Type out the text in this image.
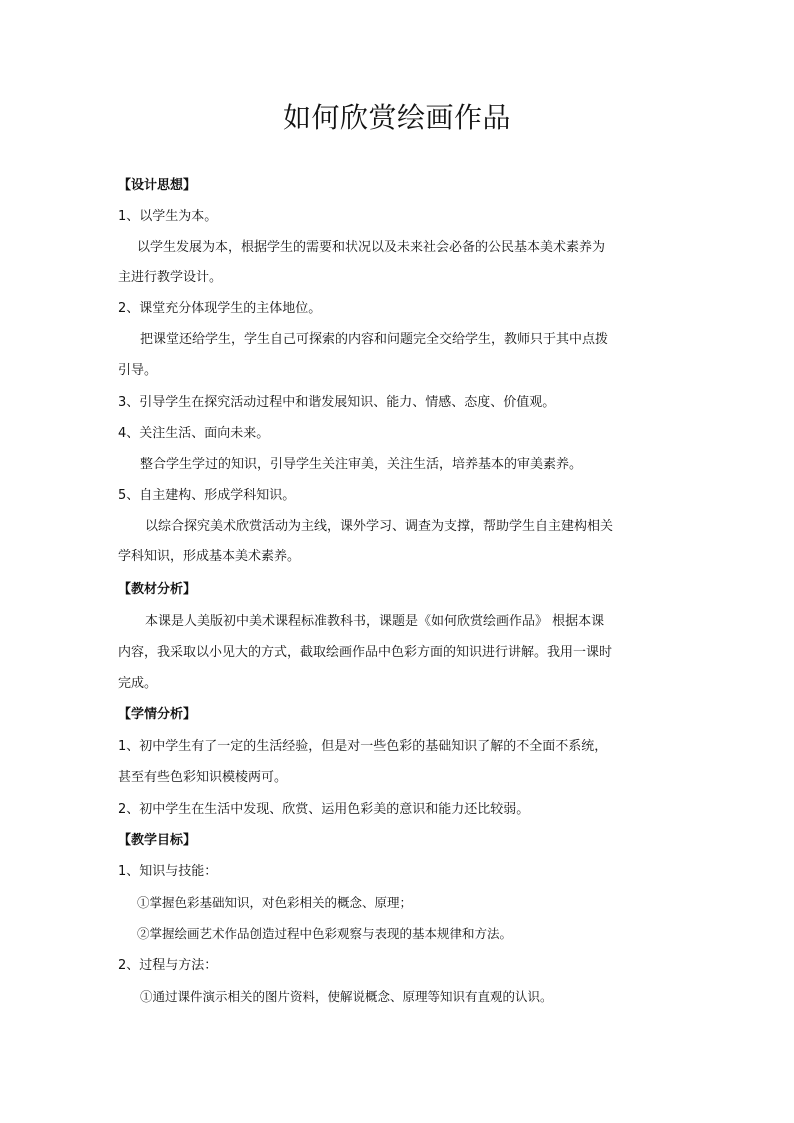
如何欣赏绘画作品
【设计思想】
1、以学生为本。
以学生发展为本，根据学生的需要和状况以及未来社会必备的公民基本美术素养为
主进行教学设计。
2、课堂充分体现学生的主体地位。
把课堂还给学生，学生自己可探索的内容和问题完全交给学生，教师只于其中点拨
引导。
3、引导学生在探究活动过程中和谐发展知识、能力、情感、态度、价值观。
4、关注生活、面向未来。
整合学生学过的知识，引导学生关注审美，关注生活，培养基本的审美素养。
5、自主建构、形成学科知识。
以综合探究美术欣赏活动为主线，课外学习、调查为支撑，帮助学生自主建构相关
学科知识，形成基本美术素养。
【教材分析】
本课是人美版初中美术课程标准教科书，课题是《如何欣赏绘画作品》 根据本课
内容，我采取以小见大的方式，截取绘画作品中色彩方面的知识进行讲解。我用一课时
完成。
【学情分析】
1、初中学生有了一定的生活经验，但是对一些色彩的基础知识了解的不全面不系统，
甚至有些色彩知识模棱两可。
2、初中学生在生活中发现、欣赏、运用色彩美的意识和能力还比较弱。
【教学目标】
1、知识与技能：
①掌握色彩基础知识，对色彩相关的概念、原理；
②掌握绘画艺术作品创造过程中色彩观察与表现的基本规律和方法。
2、过程与方法：
①通过课件演示相关的图片资料，使解说概念、原理等知识有直观的认识。
